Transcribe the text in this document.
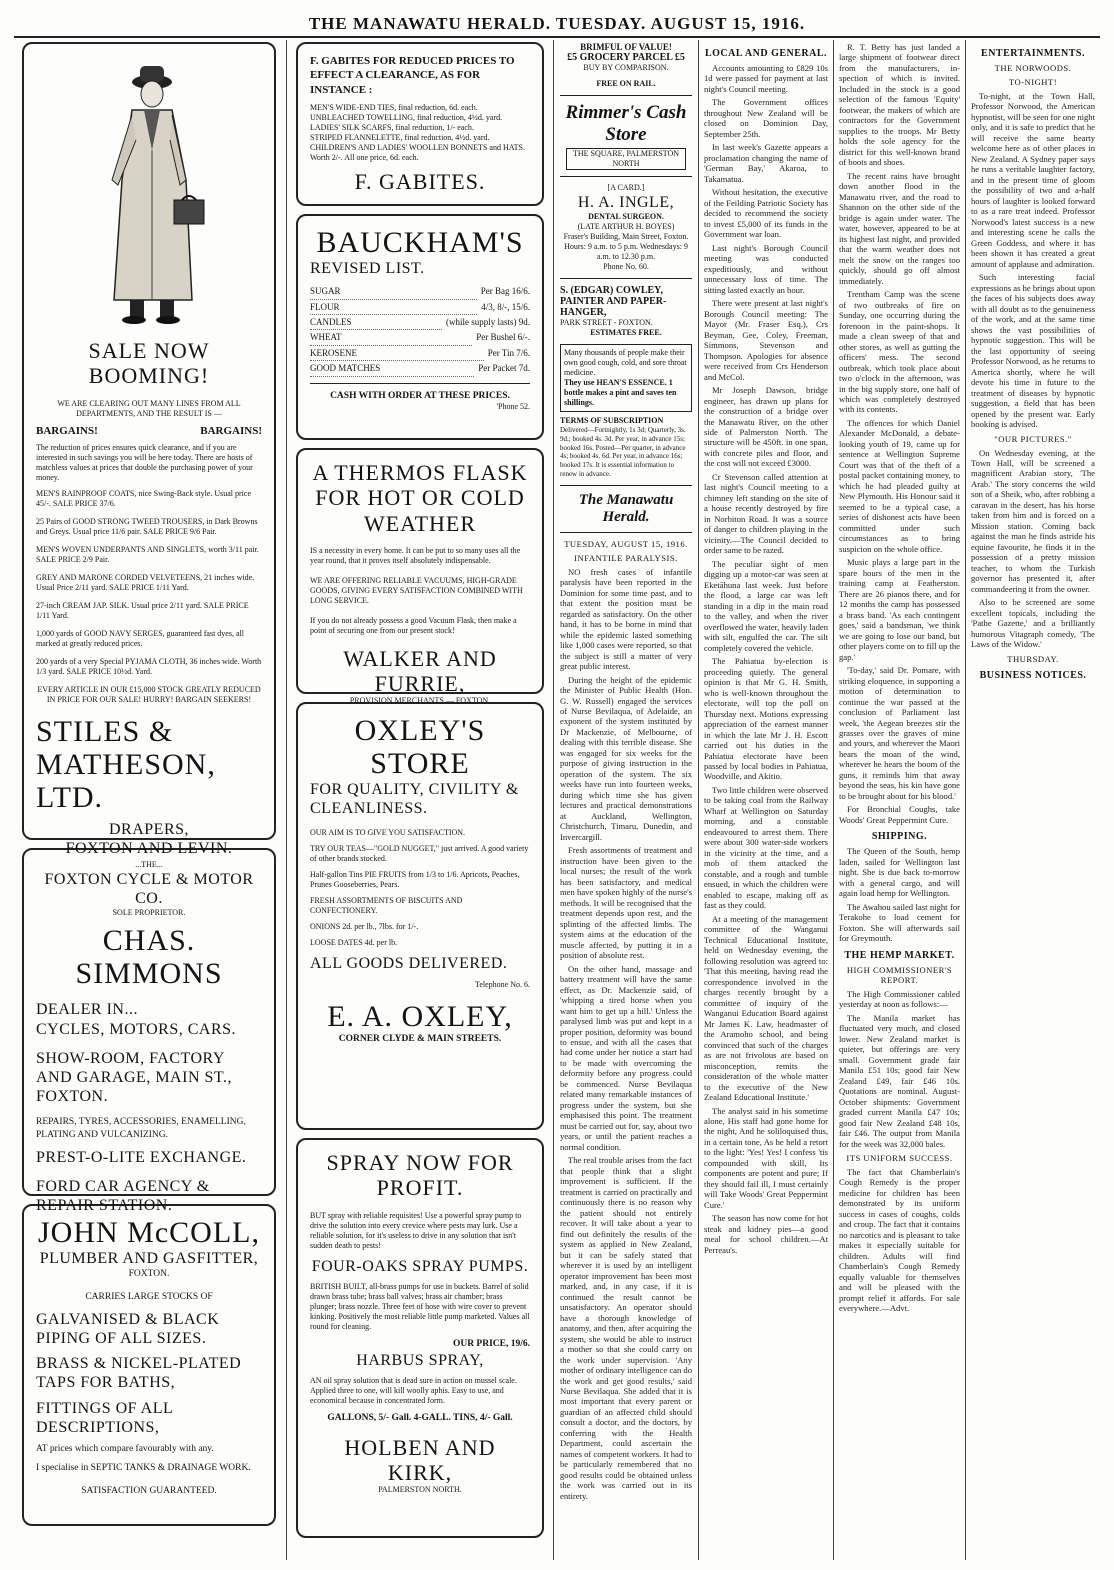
THE MANAWATU HERALD. TUESDAY. AUGUST 15, 1916.
SALE NOW BOOMING!
WE ARE CLEARING OUT MANY LINES FROM ALL DEPARTMENTS, AND THE RESULT IS —
BARGAINS!	BARGAINS!
The reduction of prices ensures quick clearance, and if you are interested in such savings you will be here today. There are hosts of matchless values at prices that double the purchasing power of your money.
MEN'S RAINPROOF COATS, nice Swing-Back style. Usual price 45/-. SALE PRICE 37/6.
25 Pairs of GOOD STRONG TWEED TROUSERS, in Dark Browns and Greys. Usual price 11/6 pair. SALE PRICE 9/6 Pair.
MEN'S WOVEN UNDERPANTS AND SINGLETS, worth 3/11 pair. SALE PRICE 2/9 Pair.
GREY AND MARONE CORDED VELVETEENS, 21 inches wide. Usual Price 2/11 yard. SALE PRICE 1/11 Yard.
27-inch CREAM JAP. SILK. Usual price 2/11 yard. SALE PRICE 1/11 Yard.
1,000 yards of GOOD NAVY SERGES, guaranteed fast dyes, all marked at greatly reduced prices.
200 yards of a very Special PYJAMA CLOTH, 36 inches wide. Worth 1/3 yard. SALE PRICE 10½d. Yard.
EVERY ARTICLE IN OUR £15,000 STOCK GREATLY REDUCED IN PRICE FOR OUR SALE! HURRY! BARGAIN SEEKERS!
STILES &
MATHESON, LTD.
DRAPERS,
FOXTON AND LEVIN.
...THE...
FOXTON CYCLE & MOTOR CO.
SOLE PROPRIETOR.
CHAS. SIMMONS
DEALER IN...
CYCLES, MOTORS, CARS.
SHOW-ROOM, FACTORY AND GARAGE, MAIN ST., FOXTON.
REPAIRS, TYRES, ACCESSORIES, ENAMELLING, PLATING AND VULCANIZING.
PREST-O-LITE EXCHANGE.
FORD CAR AGENCY & REPAIR STATION.
JOHN McCOLL,
PLUMBER AND GASFITTER,
FOXTON.
CARRIES LARGE STOCKS OF
GALVANISED & BLACK PIPING OF ALL SIZES.
BRASS & NICKEL-PLATED TAPS FOR BATHS,
FITTINGS OF ALL DESCRIPTIONS,
AT prices which compare favourably with any.
I specialise in SEPTIC TANKS & DRAINAGE WORK.
SATISFACTION GUARANTEED.
F. GABITES FOR REDUCED PRICES TO EFFECT A CLEARANCE, AS FOR INSTANCE :
MEN'S WIDE-END TIES, final reduction, 6d. each.
UNBLEACHED TOWELLING, final reduction, 4½d. yard.
LADIES' SILK SCARFS, final reduction, 1/- each.
STRIPED FLANNELETTE, final reduction, 4½d. yard.
CHILDREN'S AND LADIES' WOOLLEN BONNETS and HATS. Worth 2/-. All one price, 6d. each.
F. GABITES.
BAUCKHAM'S
REVISED LIST.
SUGAR	Per Bag 16/6.
FLOUR	4/3, 8/-, 15/6.
CANDLES	(while supply lasts) 9d.
WHEAT	Per Bushel 6/-.
KEROSENE	Per Tin 7/6.
GOOD MATCHES	Per Packet 7d.
CASH WITH ORDER AT THESE PRICES.
'Phone 52.
A THERMOS FLASK FOR HOT OR COLD WEATHER
IS a necessity in every home. It can be put to so many uses all the year round, that it proves itself absolutely indispensable.
WE ARE OFFERING RELIABLE VACUUMS, HIGH-GRADE GOODS, GIVING EVERY SATISFACTION COMBINED WITH LONG SERVICE.
If you do not already possess a good Vacuum Flask, then make a point of securing one from our present stock!
WALKER AND FURRIE,
PROVISION MERCHANTS — FOXTON.
OXLEY'S STORE
FOR QUALITY, CIVILITY & CLEANLINESS.
OUR AIM IS TO GIVE YOU SATISFACTION.
TRY OUR TEAS—"GOLD NUGGET," just arrived. A good variety of other brands stocked.
Half-gallon Tins PIE FRUITS from 1/3 to 1/6. Apricots, Peaches, Prunes Gooseberries, Pears.
FRESH ASSORTMENTS OF BISCUITS AND CONFECTIONERY.
ONIONS 2d. per lb., 7lbs. for 1/-.
LOOSE DATES 4d. per lb.
ALL GOODS DELIVERED.
Telephone No. 6.
E. A. OXLEY,
CORNER CLYDE & MAIN STREETS.
SPRAY NOW FOR PROFIT.
BUT spray with reliable requisites! Use a powerful spray pump to drive the solution into every crevice where pests may lurk. Use a reliable solution, for it's useless to drive in any solution that isn't sudden death to pests!
FOUR-OAKS SPRAY PUMPS.
BRITISH BUILT, all-brass pumps for use in buckets. Barrel of solid drawn brass tube; brass ball valves; brass air chamber; brass plunger; brass nozzle. Three feet of hose with wire cover to prevent kinking. Positively the most reliable little pump marketed. Values all round for cleaning.
OUR PRICE, 19/6.
HARBUS SPRAY,
AN oil spray solution that is dead sure in action on mussel scale. Applied three to one, will kill woolly aphis. Easy to use, and economical because in concentrated form.
GALLONS, 5/- Gall. 4-GALL. TINS, 4/- Gall.
HOLBEN AND KIRK,
PALMERSTON NORTH.
BRIMFUL OF VALUE!
£5 GROCERY PARCEL £5
BUY BY COMPARISON.
FREE ON RAIL.
Rimmer's Cash Store
THE SQUARE, PALMERSTON NORTH
[A CARD.]
H. A. INGLE,
DENTAL SURGEON.
(LATE ARTHUR H. BOYES)
Fraser's Building, Main Street, Foxton.
Hours: 9 a.m. to 5 p.m. Wednesdays: 9 a.m. to 12.30 p.m.
Phone No. 60.
S. (EDGAR) COWLEY,
PAINTER AND PAPER-HANGER,
PARK STREET - FOXTON.
ESTIMATES FREE.
Many thousands of people make their own good cough, cold, and sore throat medicine.
They use HEAN'S ESSENCE. 1 bottle makes a pint and saves ten shillings.
TERMS OF SUBSCRIPTION
Delivered—Fortnightly, 1s 3d; Quarterly, 3s. 9d.; booked 4s. 3d. Per year, in advance 15s; booked 16s. Posted—Per quarter, in advance 4s; booked 4s. 6d. Per year, in advance 16s; booked 17s. It is essential information to renew in advance.
The Manawatu Herald.
TUESDAY, AUGUST 15, 1916.
INFANTILE PARALYSIS.

NO fresh cases of infantile paralysis have been reported in the Dominion for some time past, and to that extent the position must be regarded as satisfactory. On the other hand, it has to be borne in mind that while the epidemic lasted something like 1,000 cases were reported, so that the subject is still a matter of very great public interest.

During the height of the epidemic the Minister of Public Health (Hon. G. W. Russell) engaged the services of Nurse Bevilaqua, of Adelaide, an exponent of the system instituted by Dr Mackenzie, of Melbourne, of dealing with this terrible disease. She was engaged for six weeks for the purpose of giving instruction in the operation of the system. The six weeks have run into fourteen weeks, during which time she has given lectures and practical demonstrations at Auckland, Wellington, Christchurch, Timaru, Dunedin, and Invercargill.

Fresh assortments of treatment and instruction have been given to the local nurses; the result of the work has been satisfactory, and medical men have spoken highly of the nurse's methods. It will be recognised that the treatment depends upon rest, and the splinting of the affected limbs. The system aims at the education of the muscle affected, by putting it in a position of absolute rest.

On the other hand, massage and battery treatment will have the same effect, as Dr. Mackenzie said, of 'whipping a tired horse when you want him to get up a hill.' Unless the paralysed limb was put and kept in a proper position, deformity was bound to ensue, and with all the cases that had come under her notice a start had to be made with overcoming the deformity before any progress could be commenced. Nurse Bevilaqua related many remarkable instances of progress under the system, but she emphasised this point. The treatment must be carried out for, say, about two years, or until the patient reaches a normal condition.

The real trouble arises from the fact that people think that a slight improvement is sufficient. If the treatment is carried on practically and continuously there is no reason why the patient should not entirely recover. It will take about a year to find out definitely the results of the system as applied in New Zealand, but it can be safely stated that wherever it is used by an intelligent operator improvement has been most marked, and, in any case, if it is continued the result cannot be unsatisfactory. An operator should have a thorough knowledge of anatomy, and then, after acquiring the system, she would be able to instruct a mother so that she could carry on the work under supervision. 'Any mother of ordinary intelligence can do the work and get good results,' said Nurse Bevilaqua. She added that it is most important that every parent or guardian of an affected child should consult a doctor, and the doctors, by conferring with the Health Department, could ascertain the names of competent workers. It had to be particularly remembered that no good results could be obtained unless the work was carried out in its entirety.

LOCAL AND GENERAL.

Accounts amounting to £829 10s 1d were passed for payment at last night's Council meeting.

The Government offices throughout New Zealand will be closed on Dominion Day, September 25th.

In last week's Gazette appears a proclamation changing the name of 'German Bay,' Akaroa, to Takamatua.

Without hesitation, the executive of the Feilding Patriotic Society has decided to recommend the society to invest £5,000 of its funds in the Government war loan.

Last night's Borough Council meeting was conducted expeditiously, and without unnecessary loss of time. The sitting lasted exactly an hour.

There were present at last night's Borough Council meeting: The Mayor (Mr. Fraser Esq.), Crs Beyman, Gee, Coley, Freeman, Simmons, Stevenson and Thompson. Apologies for absence were received from Crs Henderson and McCol.

Mr Joseph Dawson, bridge engineer, has drawn up plans for the construction of a bridge over the Manawatu River, on the other side of Palmerston North. The structure will be 450ft. in one span, with concrete piles and floor, and the cost will not exceed £3000.

Cr Stevenson called attention at last night's Council meeting to a chimney left standing on the site of a house recently destroyed by fire in Norbiton Road. It was a source of danger to children playing in the vicinity.—The Council decided to order same to be razed.

The peculiar sight of men digging up a motor-car was seen at Eketāhuna last week. Just before the flood, a large car was left standing in a dip in the main road to the valley, and when the river overflowed the water, heavily laden with silt, engulfed the car. The silt completely covered the vehicle.

The Pahiatua by-election is proceeding quietly. The general opinion is that Mr G. H. Smith, who is well-known throughout the electorate, will top the poll on Thursday next. Motions expressing appreciation of the earnest manner in which the late Mr J. H. Escott carried out his duties in the Pahiatua electorate have been passed by local bodies in Pahiatua, Woodville, and Akitio.

Two little children were observed to be taking coal from the Railway Wharf at Wellington on Saturday morning, and a constable endeavoured to arrest them. There were about 300 water-side workers in the vicinity at the time, and a mob of them attacked the constable, and a rough and tumble ensued, in which the children were enabled to escape, making off as fast as they could.

At a meeting of the management committee of the Wanganui Technical Educational Institute, held on Wednesday evening, the following resolution was agreed to: 'That this meeting, having read the correspondence involved in the charges recently brought by a committee of inquiry of the Wanganui Education Board against Mr James K. Law, headmaster of the Aramoho school, and being convinced that such of the charges as are not frivolous are based on misconception, remits the consideration of the whole matter to the executive of the New Zealand Educational Institute.'

The analyst said in his sometime alone, His staff had gone home for the night, And he soliloquised thus, in a certain tone, As he held a retort to the light: 'Yes! Yes! I confess 'tis compounded with skill, Its components are potent and pure; If they should fail ill, I must certainly will Take Woods' Great Peppermint Cure.'

The season has now come for hot steak and kidney pies—a good meal for school children.—At Perreau's.

R. T. Betty has just landed a large shipment of footwear direct from the manufacturers, in-spection of which is invited. Included in the stock is a good selection of the famous 'Equity' footwear, the makers of which are contractors for the Government supplies to the troops. Mr Betty holds the sole agency for the district for this well-known brand of boots and shoes.

The recent rains have brought down another flood in the Manawatu river, and the road to Shannon on the other side of the bridge is again under water. The water, however, appeared to be at its highest last night, and provided that the warm weather does not melt the snow on the ranges too quickly, should go off almost immediately.

Trentham Camp was the scene of two outbreaks of fire on Sunday, one occurring during the forenoon in the paint-shops. It made a clean sweep of that and other stores, as well as gutting the officers' mess. The second outbreak, which took place about two o'clock in the afternoon, was in the big supply store, one half of which was completely destroyed with its contents.

The offences for which Daniel Alexander McDonald, a debate-looking youth of 19, came up for sentence at Wellington Supreme Court was that of the theft of a postal packet containing money, to which he had pleaded guilty at New Plymouth. His Honour said it seemed to be a typical case, a series of dishonest acts have been committed under such circumstances as to bring suspicion on the whole office.

Music plays a large part in the spare hours of the men in the training camp at Featherston. There are 26 pianos there, and for 12 months the camp has possessed a brass band. 'As each contingent goes,' said a bandsman, 'we think we are going to lose our band, but other players come on to fill up the gap.'

'To-day,' said Dr. Pomare, with striking eloquence, in supporting a motion of determination to continue the war passed at the conclusion of Parliament last week, 'the Aegean breezes stir the grasses over the graves of mine and yours, and wherever the Maori hears the moan of the wind, wherever he hears the boom of the guns, it reminds him that away beyond the seas, his kin have gone to be brought about for his blood.'

For Bronchial Coughs, take Woods' Great Peppermint Cure.

SHIPPING.

The Queen of the South, hemp laden, sailed for Wellington last night. She is due back to-morrow with a general cargo, and will again load hemp for Wellington.

The Awahou sailed last night for Terakohe to load cement for Foxton. She will afterwards sail for Greymouth.

THE HEMP MARKET.
HIGH COMMISSIONER'S REPORT.

The High Commissioner cabled yesterday at noon as follows:—

The Manila market has fluctuated very much, and closed lower. New Zealand market is quieter, but offerings are very small. Government grade fair Manila £51 10s; good fair New Zealand £49, fair £46 10s. Quotations are nominal. August-October shipments: Government graded current Manila £47 10s; good fair New Zealand £48 10s, fair £46. The output from Manila for the week was 32,000 bales.

ITS UNIFORM SUCCESS.

The fact that Chamberlain's Cough Remedy is the proper medicine for children has been demonstrated by its uniform success in cases of coughs, colds and croup. The fact that it contains no narcotics and is pleasant to take makes it especially suitable for children. Adults will find Chamberlain's Cough Remedy equally valuable for themselves and will be pleased with the prompt relief it affords. For sale everywhere.—Advt.

ENTERTAINMENTS.
THE NORWOODS.
TO-NIGHT!

To-night, at the Town Hall, Professor Norwood, the American hypnotist, will be seen for one night only, and it is safe to predict that he will receive the same hearty welcome here as of other places in New Zealand. A Sydney paper says he runs a veritable laughter factory, and in the present time of gloom the possibility of two and a-half hours of laughter is looked forward to as a rare treat indeed. Professor Norwood's latest success is a new and interesting scene he calls the Green Goddess, and where it has been shown it has created a great amount of applause and admiration.

Such interesting facial expressions as he brings about upon the faces of his subjects does away with all doubt as to the genuineness of the work, and at the same time shows the vast possibilities of hypnotic suggestion. This will be the last opportunity of seeing Professor Norwood, as he returns to America shortly, where he will devote his time in future to the treatment of diseases by hypnotic suggestion, a field that has been opened by the present war. Early booking is advised.

"OUR PICTURES."

On Wednesday evening, at the Town Hall, will be screened a magnificent Arabian story, 'The Arab.' The story concerns the wild son of a Sheik, who, after robbing a caravan in the desert, has his horse taken from him and is forced on a Mission station. Coming back against the man he finds astride his equine favourite, he finds it in the possession of a pretty mission teacher, to whom the Turkish governor has presented it, after commandeering it from the owner.

Also to be screened are some excellent topicals, including the 'Pathe Gazette,' and a brilliantly humorous Vitagraph comedy, 'The Laws of the Widow.'

THURSDAY.
BUSINESS NOTICES.
